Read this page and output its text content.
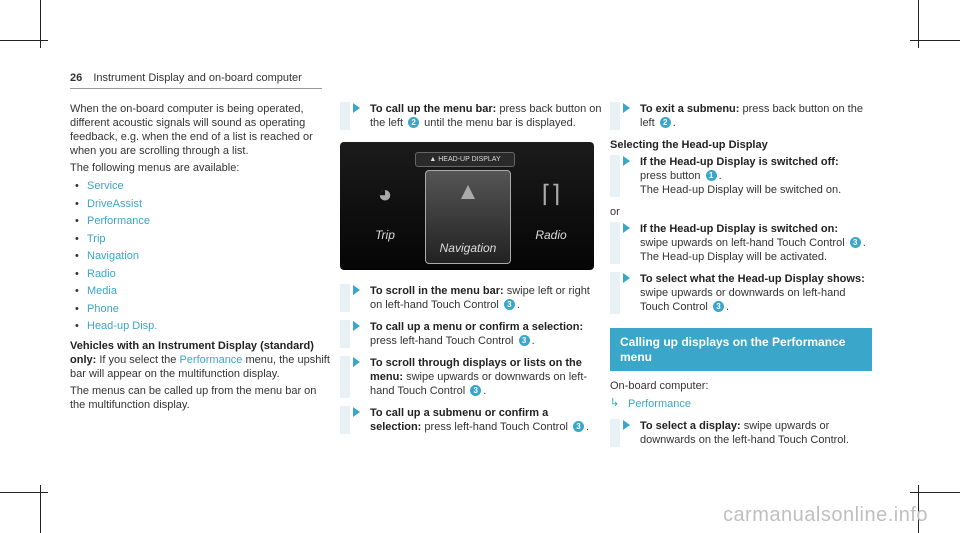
26 Instrument Display and on-board computer

When the on-board computer is being operated, different acoustic signals will sound as operating feedback, e.g. when the end of a list is reached or when you are scrolling through a list.

The following menus are available:

• Service
• DriveAssist
• Performance
• Trip
• Navigation
• Radio
• Media
• Phone
• Head-up Disp.

Vehicles with an Instrument Display (standard) only: If you select the Performance menu, the upshift bar will appear on the multifunction display.

The menus can be called up from the menu bar on the multifunction display.

To call up the menu bar: press back button on the left 2 until the menu bar is displayed.
▲ HEAD-UP DISPLAY
◕
Trip
▲
Navigation
⌈⌉
Radio
To scroll in the menu bar: swipe left or right on left-hand Touch Control 3 .
To call up a menu or confirm a selection: press left-hand Touch Control 3 .
To scroll through displays or lists on the menu: swipe upwards or downwards on left-hand Touch Control 3 .
To call up a submenu or confirm a selection: press left-hand Touch Control 3 .
To exit a submenu: press back button on the left 2 .

Selecting the Head-up Display

If the Head-up Display is switched off:
press button 1 .
The Head-up Display will be switched on.

or

If the Head-up Display is switched on:
swipe upwards on left-hand Touch Control 3 .
The Head-up Display will be activated.
To select what the Head-up Display shows: swipe upwards or downwards on left-hand Touch Control 3 .
Calling up displays on the Performance menu

On-board computer:

↳ Performance
To select a display: swipe upwards or downwards on the left-hand Touch Control.
carmanualsonline.info
